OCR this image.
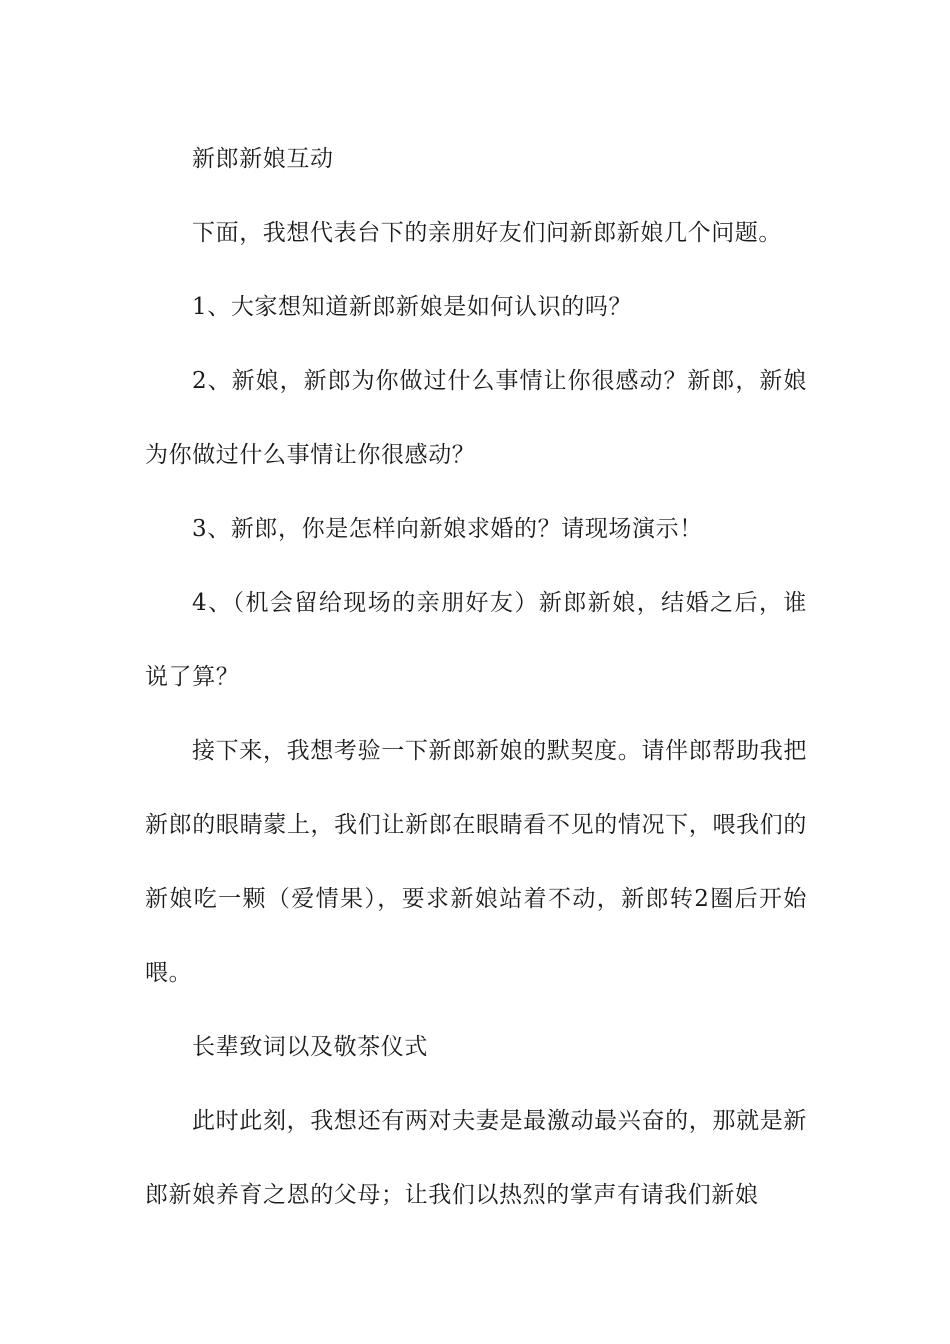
新郎新娘互动

下面，我想代表台下的亲朋好友们问新郎新娘几个问题。

1、大家想知道新郎新娘是如何认识的吗？

2、新娘，新郎为你做过什么事情让你很感动？新郎，新娘为你做过什么事情让你很感动？

3、新郎，你是怎样向新娘求婚的？请现场演示！

4、（机会留给现场的亲朋好友）新郎新娘，结婚之后，谁说了算？

接下来，我想考验一下新郎新娘的默契度。请伴郎帮助我把新郎的眼睛蒙上，我们让新郎在眼睛看不见的情况下，喂我们的新娘吃一颗（爱情果），要求新娘站着不动，新郎转2圈后开始喂。

长辈致词以及敬茶仪式

此时此刻，我想还有两对夫妻是最激动最兴奋的，那就是新郎新娘养育之恩的父母；让我们以热烈的掌声有请我们新娘
